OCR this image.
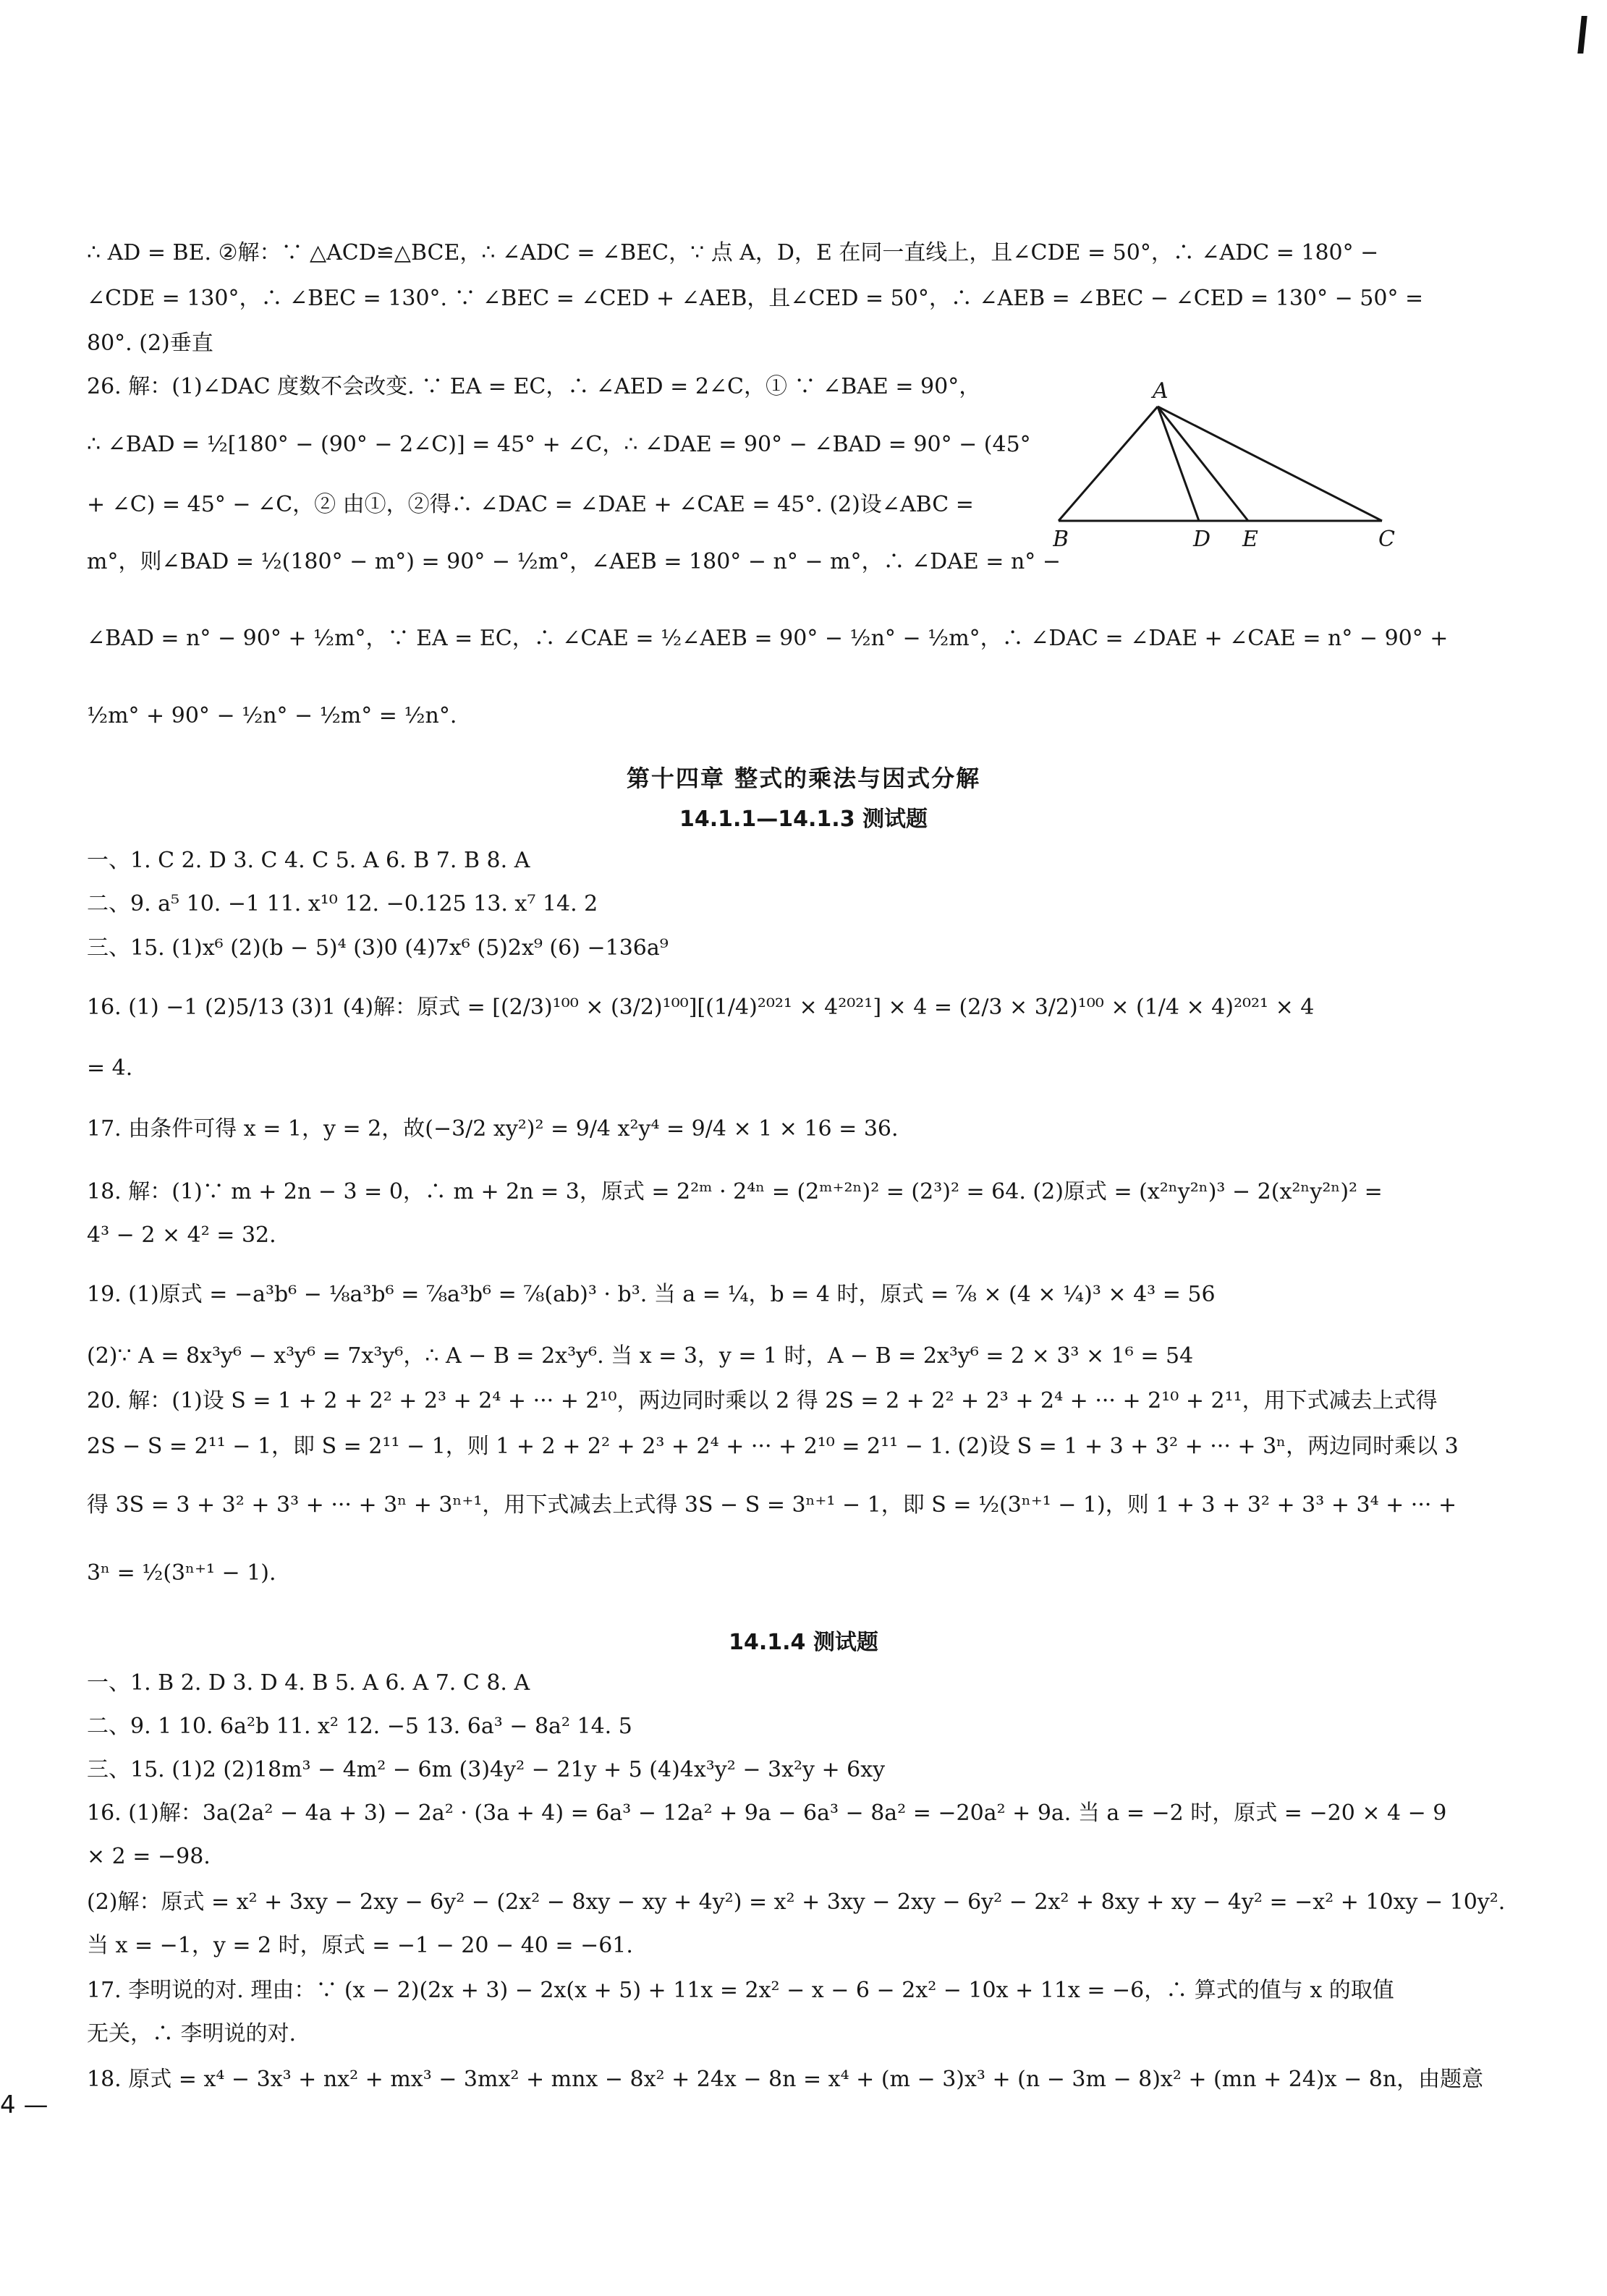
∴ AD = BE. ②解：∵ △ACD≌△BCE，∴ ∠ADC = ∠BEC，∵ 点 A，D，E 在同一直线上，且∠CDE = 50°，∴ ∠ADC = 180° −
∠CDE = 130°，∴ ∠BEC = 130°. ∵ ∠BEC = ∠CED + ∠AEB，且∠CED = 50°，∴ ∠AEB = ∠BEC − ∠CED = 130° − 50° =
80°. (2)垂直
26. 解：(1)∠DAC 度数不会改变. ∵ EA = EC，∴ ∠AED = 2∠C，① ∵ ∠BAE = 90°，
∴ ∠BAD = ½[180° − (90° − 2∠C)] = 45° + ∠C，∴ ∠DAE = 90° − ∠BAD = 90° − (45°
+ ∠C) = 45° − ∠C，② 由①，②得∴ ∠DAC = ∠DAE + ∠CAE = 45°. (2)设∠ABC =
m°，则∠BAD = ½(180° − m°) = 90° − ½m°，∠AEB = 180° − n° − m°，∴ ∠DAE = n° −
∠BAD = n° − 90° + ½m°，∵ EA = EC，∴ ∠CAE = ½∠AEB = 90° − ½n° − ½m°，∴ ∠DAC = ∠DAE + ∠CAE = n° − 90° +
½m° + 90° − ½n° − ½m° = ½n°.
第十四章 整式的乘法与因式分解
14.1.1—14.1.3 测试题
一、1. C 2. D 3. C 4. C 5. A 6. B 7. B 8. A
二、9. a⁵ 10. −1 11. x¹⁰ 12. −0.125 13. x⁷ 14. 2
三、15. (1)x⁶ (2)(b − 5)⁴ (3)0 (4)7x⁶ (5)2x⁹ (6) −136a⁹
16. (1) −1 (2)5/13 (3)1 (4)解：原式 = [(2/3)¹⁰⁰ × (3/2)¹⁰⁰][(1/4)²⁰²¹ × 4²⁰²¹] × 4 = (2/3 × 3/2)¹⁰⁰ × (1/4 × 4)²⁰²¹ × 4
= 4.
17. 由条件可得 x = 1，y = 2，故(−3/2 xy²)² = 9/4 x²y⁴ = 9/4 × 1 × 16 = 36.
18. 解：(1)∵ m + 2n − 3 = 0，∴ m + 2n = 3，原式 = 2²ᵐ · 2⁴ⁿ = (2ᵐ⁺²ⁿ)² = (2³)² = 64. (2)原式 = (x²ⁿy²ⁿ)³ − 2(x²ⁿy²ⁿ)² =
4³ − 2 × 4² = 32.
19. (1)原式 = −a³b⁶ − ⅛a³b⁶ = ⅞a³b⁶ = ⅞(ab)³ · b³. 当 a = ¼，b = 4 时，原式 = ⅞ × (4 × ¼)³ × 4³ = 56
(2)∵ A = 8x³y⁶ − x³y⁶ = 7x³y⁶，∴ A − B = 2x³y⁶. 当 x = 3，y = 1 时，A − B = 2x³y⁶ = 2 × 3³ × 1⁶ = 54
20. 解：(1)设 S = 1 + 2 + 2² + 2³ + 2⁴ + ··· + 2¹⁰，两边同时乘以 2 得 2S = 2 + 2² + 2³ + 2⁴ + ··· + 2¹⁰ + 2¹¹，用下式减去上式得
2S − S = 2¹¹ − 1，即 S = 2¹¹ − 1，则 1 + 2 + 2² + 2³ + 2⁴ + ··· + 2¹⁰ = 2¹¹ − 1. (2)设 S = 1 + 3 + 3² + ··· + 3ⁿ，两边同时乘以 3
得 3S = 3 + 3² + 3³ + ··· + 3ⁿ + 3ⁿ⁺¹，用下式减去上式得 3S − S = 3ⁿ⁺¹ − 1，即 S = ½(3ⁿ⁺¹ − 1)，则 1 + 3 + 3² + 3³ + 3⁴ + ··· +
3ⁿ = ½(3ⁿ⁺¹ − 1).
14.1.4 测试题
一、1. B 2. D 3. D 4. B 5. A 6. A 7. C 8. A
二、9. 1 10. 6a²b 11. x² 12. −5 13. 6a³ − 8a² 14. 5
三、15. (1)2 (2)18m³ − 4m² − 6m (3)4y² − 21y + 5 (4)4x³y² − 3x²y + 6xy
16. (1)解：3a(2a² − 4a + 3) − 2a² · (3a + 4) = 6a³ − 12a² + 9a − 6a³ − 8a² = −20a² + 9a. 当 a = −2 时，原式 = −20 × 4 − 9
× 2 = −98.
(2)解：原式 = x² + 3xy − 2xy − 6y² − (2x² − 8xy − xy + 4y²) = x² + 3xy − 2xy − 6y² − 2x² + 8xy + xy − 4y² = −x² + 10xy − 10y².
当 x = −1，y = 2 时，原式 = −1 − 20 − 40 = −61.
17. 李明说的对. 理由：∵ (x − 2)(2x + 3) − 2x(x + 5) + 11x = 2x² − x − 6 − 2x² − 10x + 11x = −6，∴ 算式的值与 x 的取值
无关，∴ 李明说的对.
18. 原式 = x⁴ − 3x³ + nx² + mx³ − 3mx² + mnx − 8x² + 24x − 8n = x⁴ + (m − 3)x³ + (n − 3m − 8)x² + (mn + 24)x − 8n，由题意
A
B	D E	C
4 —
